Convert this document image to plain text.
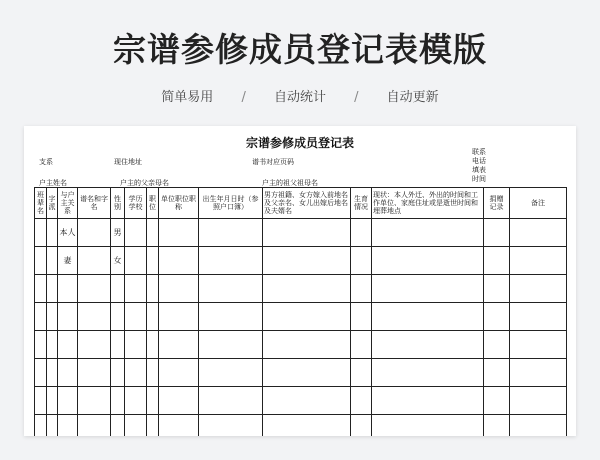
宗谱参修成员登记表模版
简单易用 / 自动统计 / 自动更新
宗谱参修成员登记表
支系	现住地址	谱书对应页码
联系电话填表时间
户主姓名	户主的父亲母名	户主的祖父祖母名
班辈名	字派	与户主关系	谱名和字名	性别	学历学校	职位	单位职位职称	出生年月日时（参照户口簿）	男方祖籍、女方嫁入前地名及父亲名、女儿出嫁后地名及夫婿名	生育情况	现状：本人外迁、外出的时间和工作单位、家庭住址或是逝世时间和埋葬地点	捐赠记录	备注
		本人		男									
		妻		女									
